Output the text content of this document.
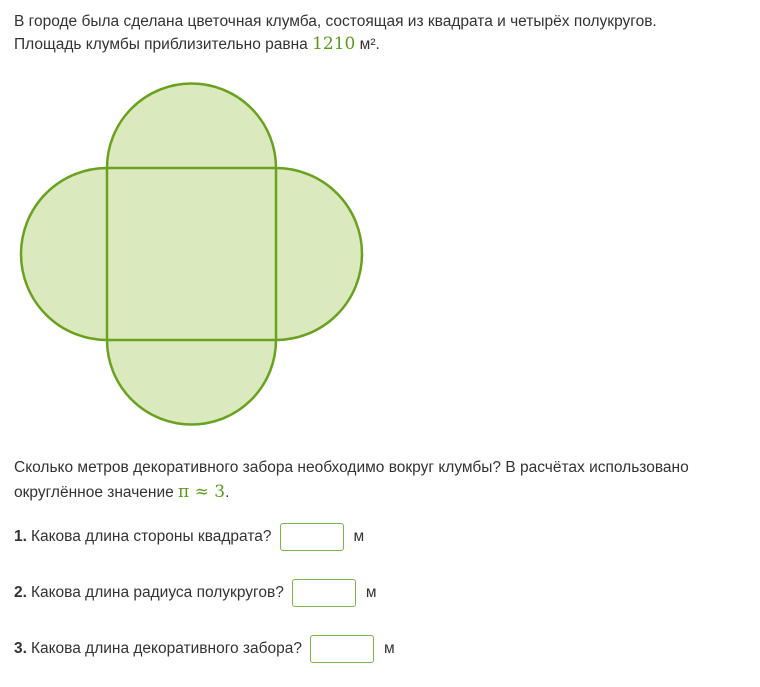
В городе была сделана цветочная клумба, состоящая из квадрата и четырёх полукругов.
Площадь клумбы приблизительно равна 1210 м².
Сколько метров декоративного забора необходимо вокруг клумбы? В расчётах использовано округлённое значение π ≈ 3.
1. Какова длина стороны квадрата?	м
2. Какова длина радиуса полукругов?	м
3. Какова длина декоративного забора?	м
